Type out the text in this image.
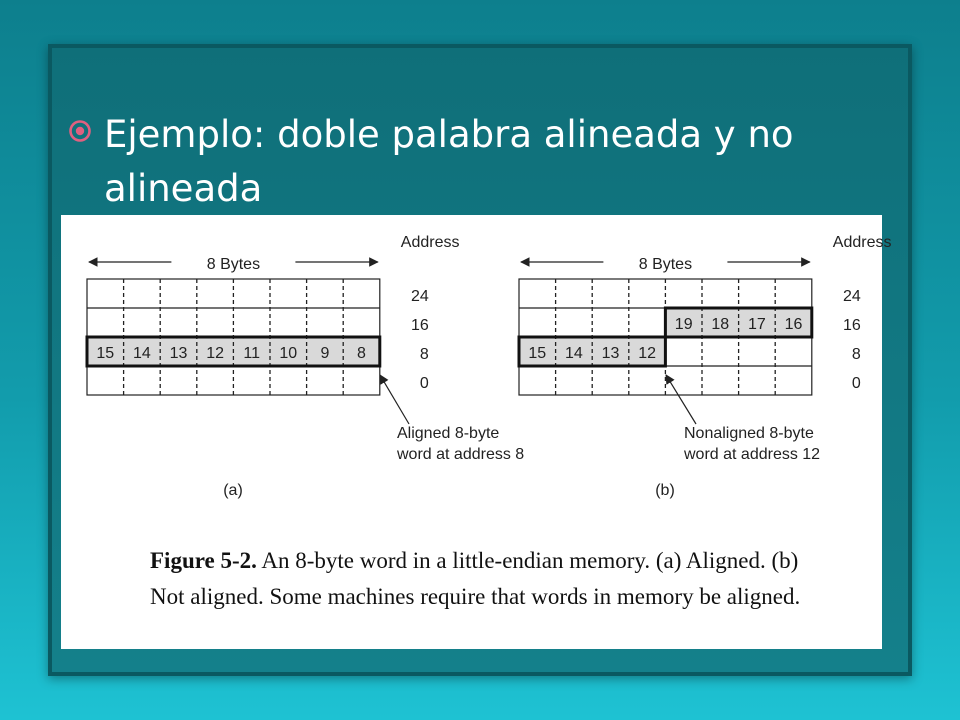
Ejemplo: doble palabra alineada y no alineada
8 Bytes
Address
15 14 13 12 11 10 9 8
24
16
8
0
Aligned 8-byte
word at address 8
(a)
8 Bytes
Address
19 18 17 16
15 14 13 12
24
16
8
0
Nonaligned 8-byte
word at address 12
(b)
Figure 5-2. An 8-byte word in a little-endian memory. (a) Aligned. (b) Not aligned. Some machines require that words in memory be aligned.
